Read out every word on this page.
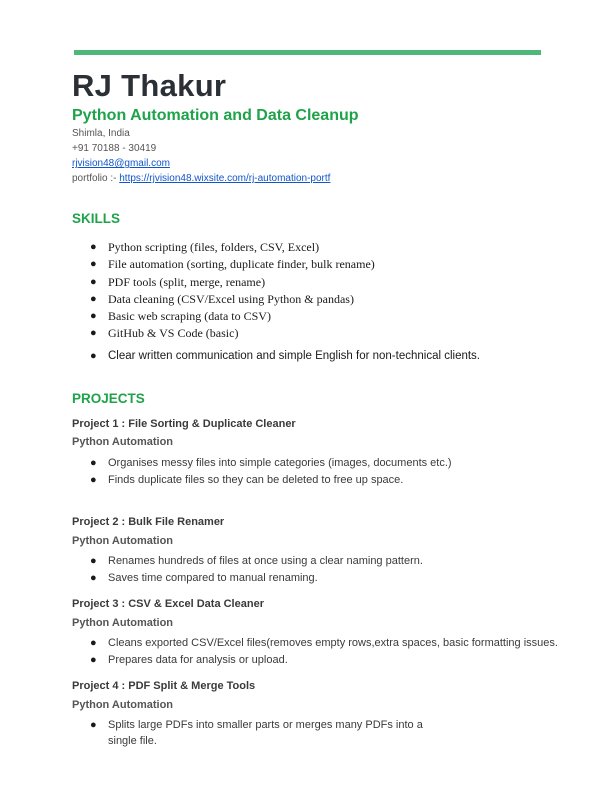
RJ Thakur
Python Automation and Data Cleanup
Shimla, India
+91 70188 - 30419
rjvision48@gmail.com
portfolio :- https://rjvision48.wixsite.com/rj-automation-portf
SKILLS
● Python scripting (files, folders, CSV, Excel)
● File automation (sorting, duplicate finder, bulk rename)
● PDF tools (split, merge, rename)
● Data cleaning (CSV/Excel using Python & pandas)
● Basic web scraping (data to CSV)
● GitHub & VS Code (basic)
● Clear written communication and simple English for non-technical clients.
PROJECTS
Project 1 : File Sorting & Duplicate Cleaner
Python Automation
● Organises messy files into simple categories (images, documents etc.)
● Finds duplicate files so they can be deleted to free up space.
Project 2 : Bulk File Renamer
Python Automation
● Renames hundreds of files at once using a clear naming pattern.
● Saves time compared to manual renaming.
Project 3 : CSV & Excel Data Cleaner
Python Automation
● Cleans exported CSV/Excel files(removes empty rows,extra spaces, basic formatting issues.
● Prepares data for analysis or upload.
Project 4 : PDF Split & Merge Tools
Python Automation
● Splits large PDFs into smaller parts or merges many PDFs into a single file.
